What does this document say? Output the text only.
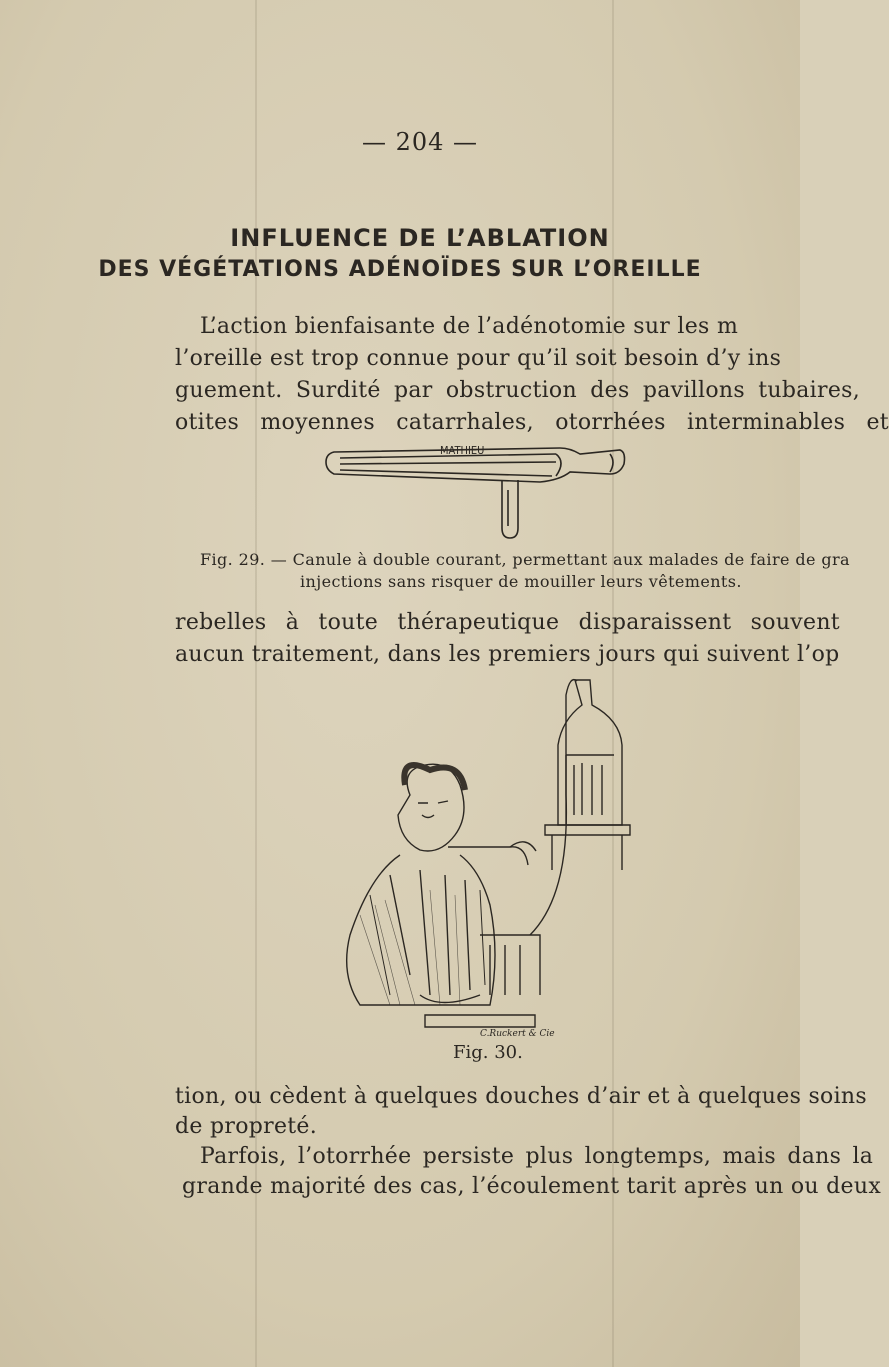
— 204 —
INFLUENCE DE L’ABLATION
DES VÉGÉTATIONS ADÉNOÏDES SUR L’OREILLE
L’action bienfaisante de l’adénotomie sur les m
l’oreille est trop connue pour qu’il soit besoin d’y ins
guement. Surdité par obstruction des pavillons tubaires,
otites moyennes catarrhales, otorrhées interminables et
MATHIEU
Fig. 29. — Canule à double courant, permettant aux malades de faire de gra
injections sans risquer de mouiller leurs vêtements.
rebelles à toute thérapeutique disparaissent souvent
aucun traitement, dans les premiers jours qui suivent l’op
C.Ruckert & Cie
Fig. 30.
tion, ou cèdent à quelques douches d’air et à quelques soins
de propreté.
Parfois, l’otorrhée persiste plus longtemps, mais dans la
grande majorité des cas, l’écoulement tarit après un ou deux
